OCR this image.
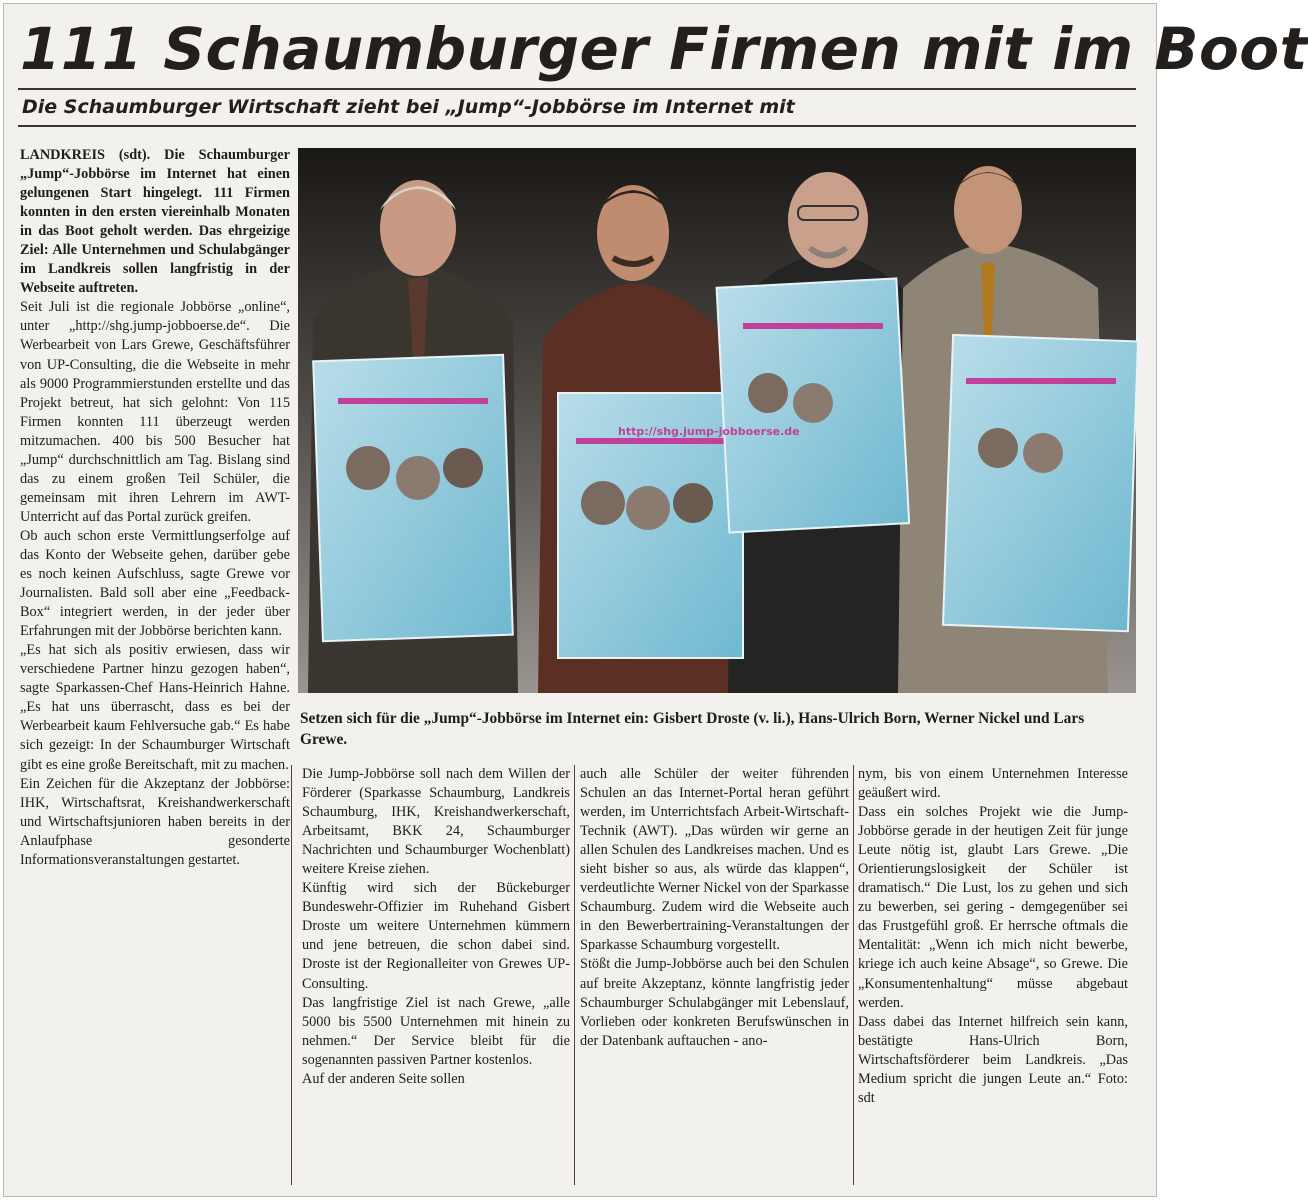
111 Schaumburger Firmen mit im Boot
Die Schaumburger Wirtschaft zieht bei „Jump“-Jobbörse im Internet mit

LANDKREIS (sdt). Die Schaumburger „Jump“-Jobbörse im Internet hat einen gelungenen Start hingelegt. 111 Firmen konnten in den ersten viereinhalb Monaten in das Boot geholt werden. Das ehrgeizige Ziel: Alle Unternehmen und Schulabgänger im Landkreis sollen langfristig in der Webseite auftreten.

Seit Juli ist die regionale Jobbörse „online“, unter „http://shg.jump-jobboerse.de“. Die Werbearbeit von Lars Grewe, Geschäftsführer von UP-Consulting, die die Webseite in mehr als 9000 Programmierstunden erstellte und das Projekt betreut, hat sich gelohnt: Von 115 Firmen konnten 111 überzeugt werden mitzumachen. 400 bis 500 Besucher hat „Jump“ durchschnittlich am Tag. Bislang sind das zu einem großen Teil Schüler, die gemeinsam mit ihren Lehrern im AWT-Unterricht auf das Portal zurück greifen.

Ob auch schon erste Vermittlungserfolge auf das Konto der Webseite gehen, darüber gebe es noch keinen Aufschluss, sagte Grewe vor Journalisten. Bald soll aber eine „Feedback-Box“ integriert werden, in der jeder über Erfahrungen mit der Jobbörse berichten kann.

„Es hat sich als positiv erwiesen, dass wir verschiedene Partner hinzu gezogen haben“, sagte Sparkassen-Chef Hans-Heinrich Hahne. „Es hat uns überrascht, dass es bei der Werbearbeit kaum Fehlversuche gab.“ Es habe sich gezeigt: In der Schaumburger Wirtschaft gibt es eine große Bereitschaft, mit zu machen.

Ein Zeichen für die Akzeptanz der Jobbörse: IHK, Wirtschaftsrat, Kreishandwerkerschaft und Wirtschaftsjunioren haben bereits in der Anlaufphase gesonderte Informationsveranstaltungen gestartet.

http://shg.jump-jobboerse.de
Setzen sich für die „Jump“-Jobbörse im Internet ein: Gisbert Droste (v. li.), Hans-Ulrich Born, Werner Nickel und Lars Grewe.

Die Jump-Jobbörse soll nach dem Willen der Förderer (Sparkasse Schaumburg, Landkreis Schaumburg, IHK, Kreishandwerkerschaft, Arbeitsamt, BKK 24, Schaumburger Nachrichten und Schaumburger Wochenblatt) weitere Kreise ziehen.

Künftig wird sich der Bückeburger Bundeswehr-Offizier im Ruhehand Gisbert Droste um weitere Unternehmen kümmern und jene betreuen, die schon dabei sind. Droste ist der Regionalleiter von Grewes UP-Consulting.

Das langfristige Ziel ist nach Grewe, „alle 5000 bis 5500 Unternehmen mit hinein zu nehmen.“ Der Service bleibt für die sogenannten passiven Partner kostenlos.

Auf der anderen Seite sollen

auch alle Schüler der weiter führenden Schulen an das Internet-Portal heran geführt werden, im Unterrichtsfach Arbeit-Wirtschaft-Technik (AWT). „Das würden wir gerne an allen Schulen des Landkreises machen. Und es sieht bisher so aus, als würde das klappen“, verdeutlichte Werner Nickel von der Sparkasse Schaumburg. Zudem wird die Webseite auch in den Bewerbertraining-Veranstaltungen der Sparkasse Schaumburg vorgestellt.

Stößt die Jump-Jobbörse auch bei den Schulen auf breite Akzeptanz, könnte langfristig jeder Schaumburger Schulabgänger mit Lebenslauf, Vorlieben oder konkreten Berufswünschen in der Datenbank auftauchen - ano-

nym, bis von einem Unternehmen Interesse geäußert wird.

Dass ein solches Projekt wie die Jump-Jobbörse gerade in der heutigen Zeit für junge Leute nötig ist, glaubt Lars Grewe. „Die Orientierungslosigkeit der Schüler ist dramatisch.“ Die Lust, los zu gehen und sich zu bewerben, sei gering - demgegenüber sei das Frustgefühl groß. Er herrsche oftmals die Mentalität: „Wenn ich mich nicht bewerbe, kriege ich auch keine Absage“, so Grewe. Die „Konsumentenhaltung“ müsse abgebaut werden.

Dass dabei das Internet hilfreich sein kann, bestätigte Hans-Ulrich Born, Wirtschaftsförderer beim Landkreis. „Das Medium spricht die jungen Leute an.“ Foto: sdt
